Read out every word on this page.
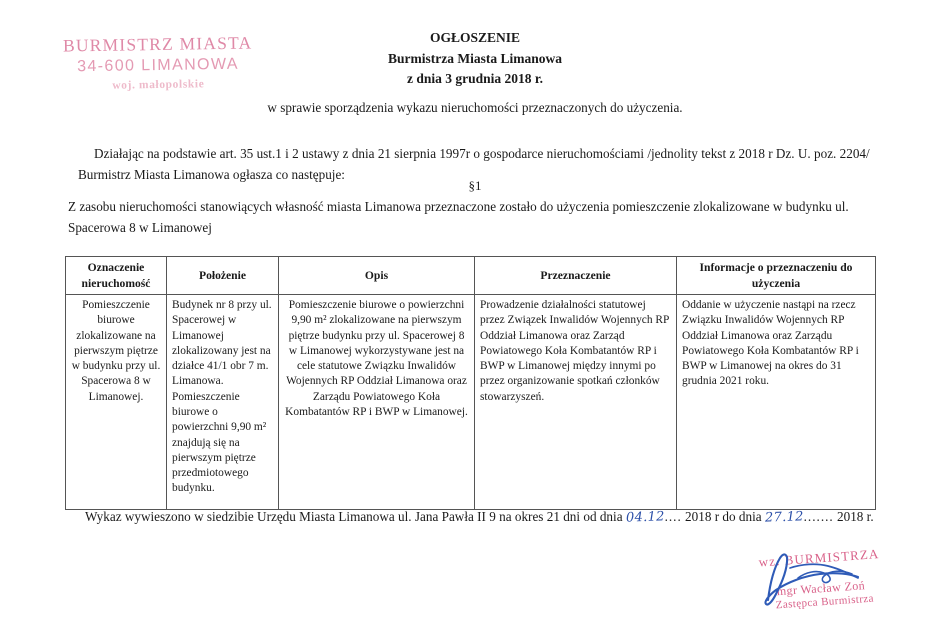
BURMISTRZ MIASTA
34-600 LIMANOWA
woj. małopolskie
OGŁOSZENIE
Burmistrza Miasta Limanowa
z dnia 3 grudnia 2018 r.
w sprawie sporządzenia wykazu nieruchomości przeznaczonych do użyczenia.
Działając na podstawie art. 35 ust.1 i 2 ustawy z dnia 21 sierpnia 1997r o gospodarce nieruchomościami /jednolity tekst z 2018 r Dz. U. poz. 2204/ Burmistrz Miasta Limanowa ogłasza co następuje:
§1
Z zasobu nieruchomości stanowiących własność miasta Limanowa przeznaczone zostało do użyczenia pomieszczenie zlokalizowane w budynku ul. Spacerowa 8 w Limanowej
Oznaczenie nieruchomość	Położenie	Opis	Przeznaczenie	Informacje o przeznaczeniu do użyczenia
Pomieszczenie biurowe zlokalizowane na pierwszym piętrze w budynku przy ul. Spacerowa 8 w Limanowej.	Budynek nr 8 przy ul. Spacerowej w Limanowej zlokalizowany jest na działce 41/1 obr 7 m. Limanowa. Pomieszczenie biurowe o powierzchni 9,90 m² znajdują się na pierwszym piętrze przedmiotowego budynku.	Pomieszczenie biurowe o powierzchni 9,90 m² zlokalizowane na pierwszym piętrze budynku przy ul. Spacerowej 8 w Limanowej wykorzystywane jest na cele statutowe Związku Inwalidów Wojennych RP Oddział Limanowa oraz Zarządu Powiatowego Koła Kombatantów RP i BWP w Limanowej.	Prowadzenie działalności statutowej przez Związek Inwalidów Wojennych RP Oddział Limanowa oraz Zarząd Powiatowego Koła Kombatantów RP i BWP w Limanowej między innymi po przez organizowanie spotkań członków stowarzyszeń.	Oddanie w użyczenie nastąpi na rzecz Związku Inwalidów Wojennych RP Oddział Limanowa oraz Zarządu Powiatowego Koła Kombatantów RP i BWP w Limanowej na okres do 31 grudnia 2021 roku.
Wykaz wywieszono w siedzibie Urzędu Miasta Limanowa ul. Jana Pawła II 9 na okres 21 dni od dnia 04.12.... 2018 r do dnia 27.12....... 2018 r.
wz. BURMISTRZA
mgr Wacław Zoń
Zastępca Burmistrza
